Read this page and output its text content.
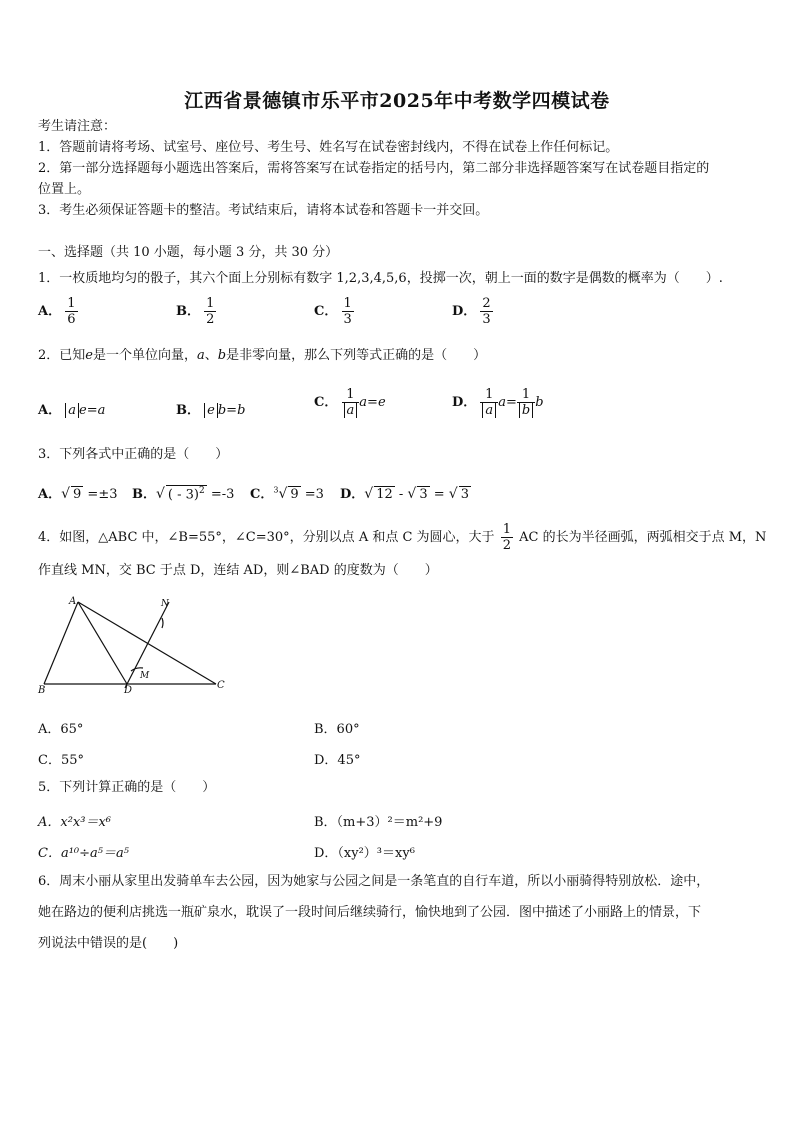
江西省景德镇市乐平市2025年中考数学四模试卷
考生请注意：
1．答题前请将考场、试室号、座位号、考生号、姓名写在试卷密封线内，不得在试卷上作任何标记。
2．第一部分选择题每小题选出答案后，需将答案写在试卷指定的括号内，第二部分非选择题答案写在试卷题目指定的
位置上。
3．考生必须保证答题卡的整洁。考试结束后，请将本试卷和答题卡一并交回。
一、选择题（共 10 小题，每小题 3 分，共 30 分）
1．一枚质地均匀的骰子，其六个面上分别标有数字 1,2,3,4,5,6，投掷一次，朝上一面的数字是偶数的概率为（　　）.
A． $\frac{1}{6}$	B． $\frac{1}{2}$	C． $\frac{1}{3}$	D． $\frac{2}{3}$
2．已知e是一个单位向量，a、b是非零向量，那么下列等式正确的是（　　）
A． a e=a	B． e b=b
C． $\frac{1}{a} a=e$	D． $\frac{1}{a} a= \frac{1}{b}$ b
3．下列各式中正确的是（　　）
A．√ 9 =±3 B．√ ( - 3)$^2$ =-3 C．$^3$√ 9 =3 D．√ 12 - √ 3 = √ 3
4．如图，△ABC 中，∠B=55°，∠C=30°，分别以点 A 和点 C 为圆心，大于 $\frac{1}{2}$ AC 的长为半径画弧，两弧相交于点 M，N
作直线 MN，交 BC 于点 D，连结 AD，则∠BAD 的度数为（　　）
A
B	C
D
M
N
A．65°	B．60°
C．55°	D．45°
5．下列计算正确的是（　　）
A．x²x³＝x⁶	B．（m+3）²＝m²+9
C．a¹⁰÷a⁵＝a⁵	D．（xy²）³＝xy⁶
6．周末小丽从家里出发骑单车去公园，因为她家与公园之间是一条笔直的自行车道，所以小丽骑得特别放松．途中，
她在路边的便利店挑选一瓶矿泉水，耽误了一段时间后继续骑行，愉快地到了公园．图中描述了小丽路上的情景，下
列说法中错误的是(　　)
